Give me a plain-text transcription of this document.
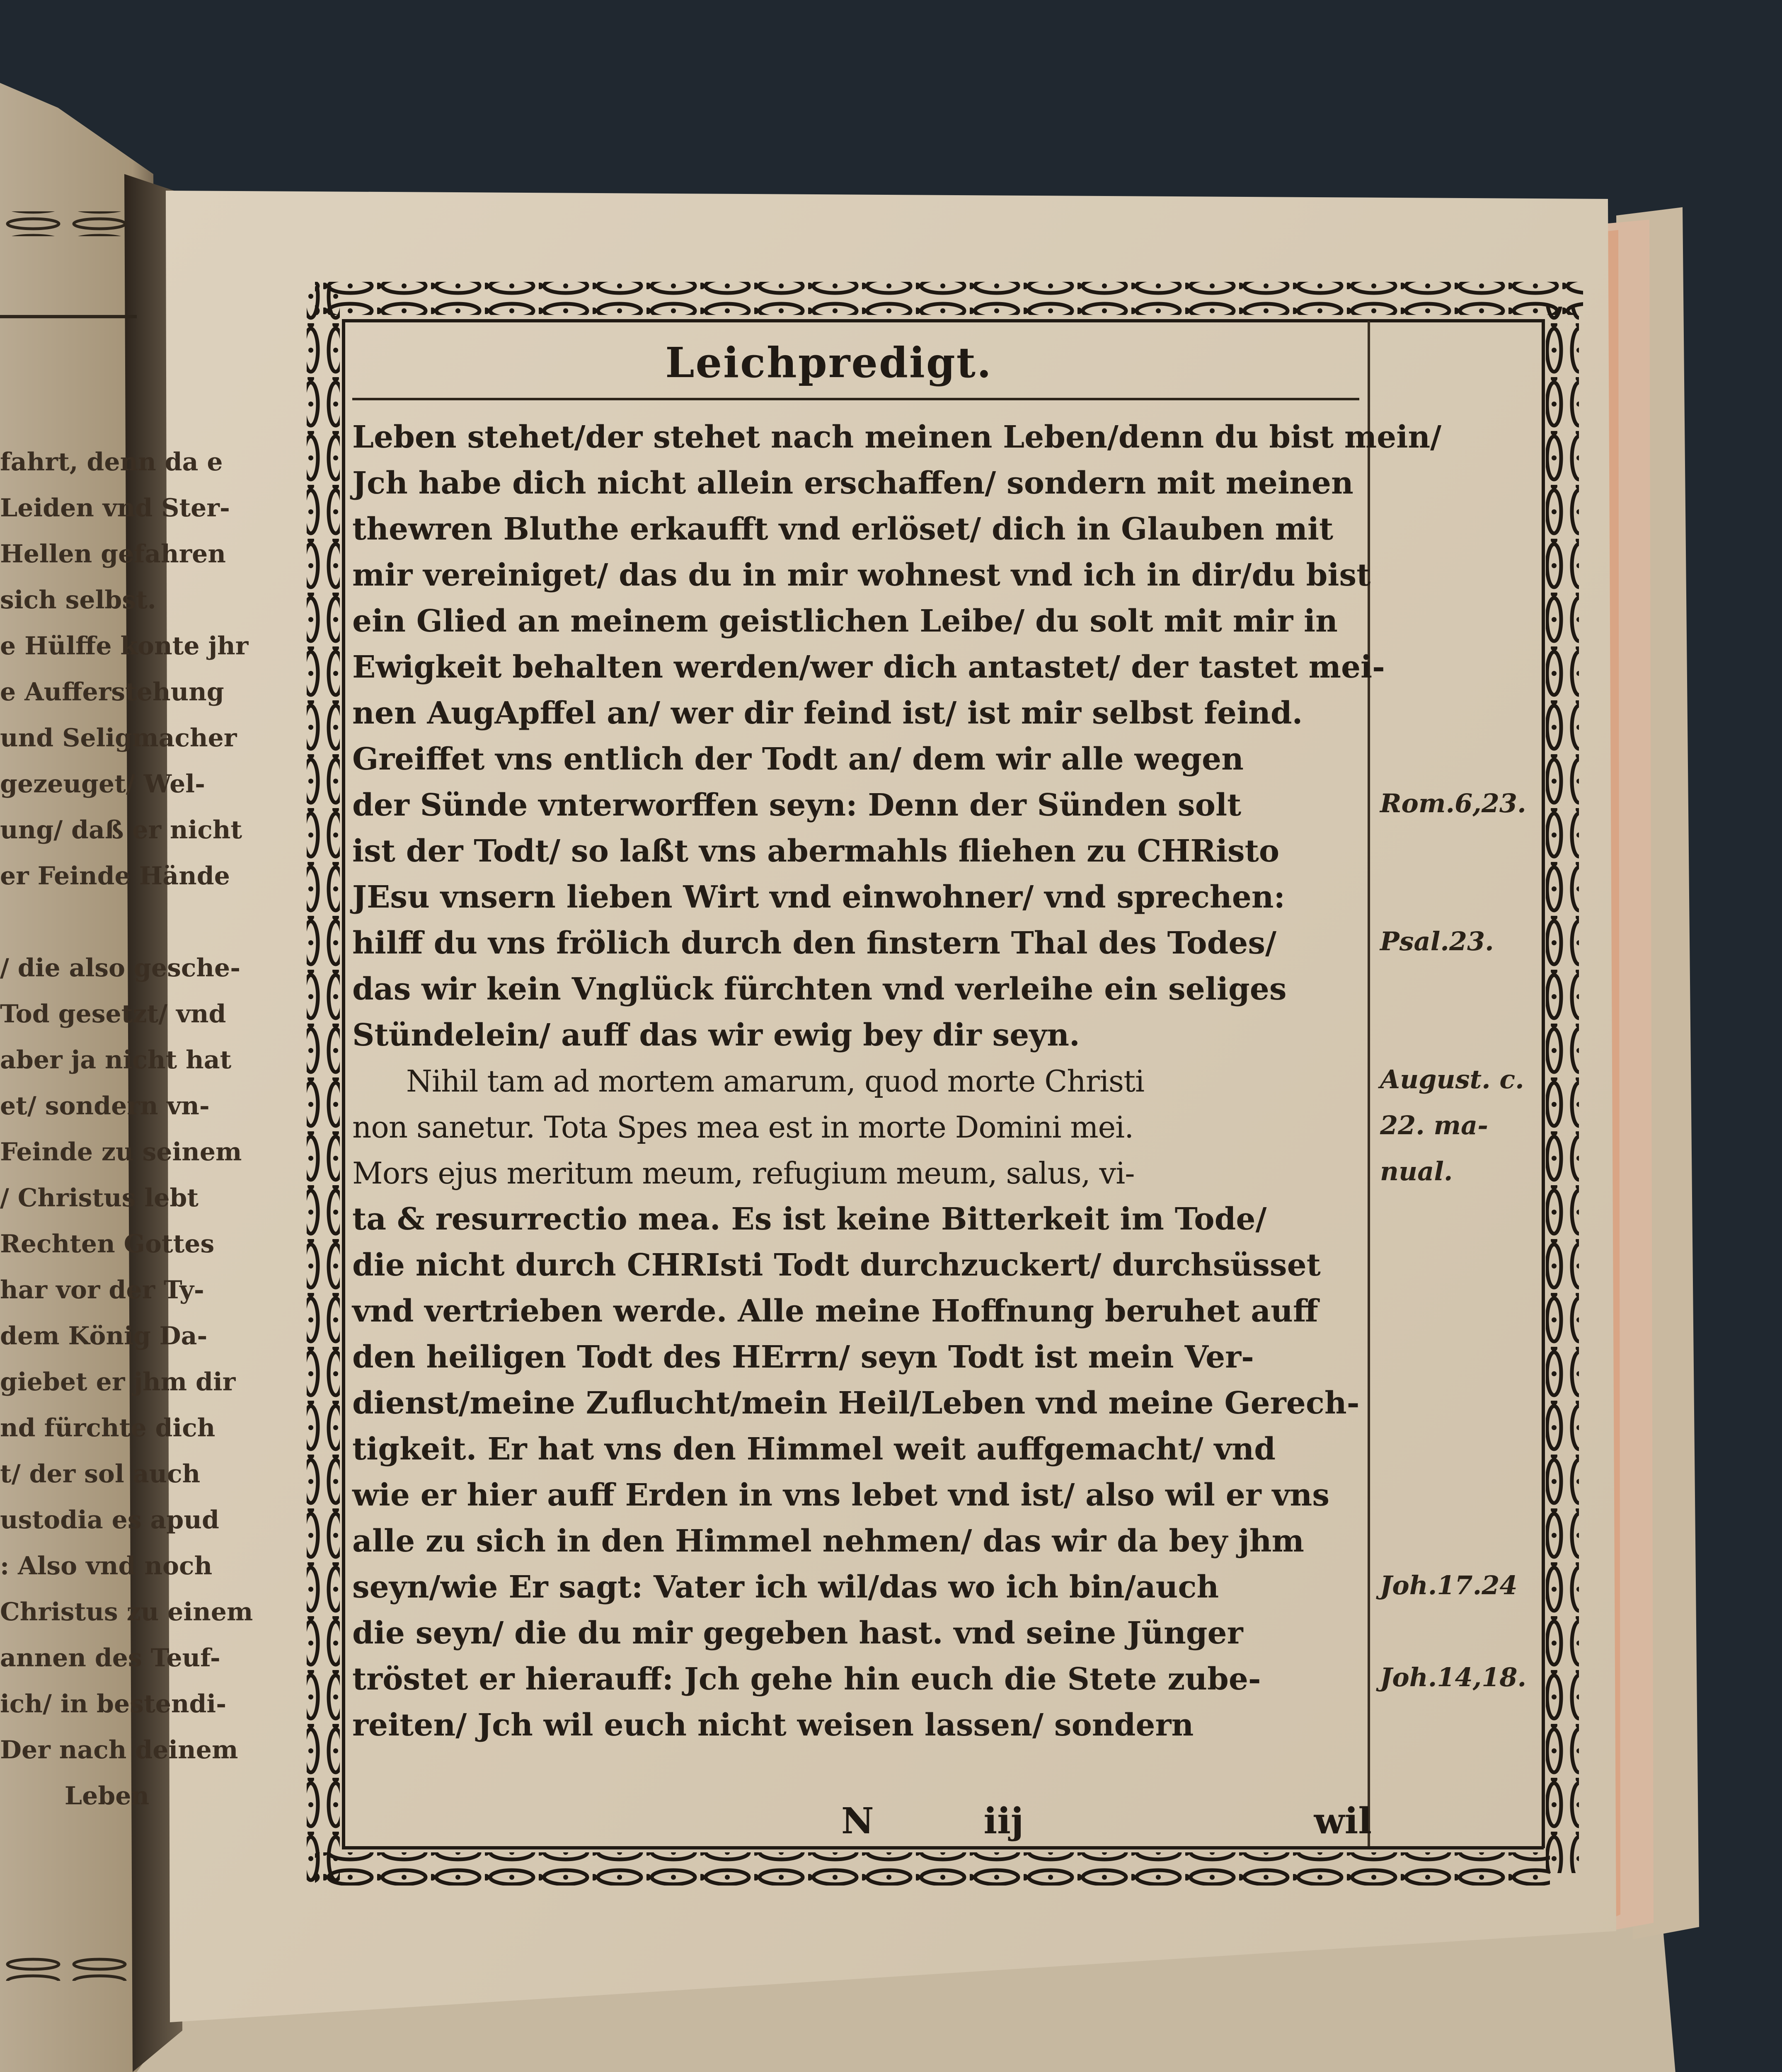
fahrt, denn da e
Leiden vnd Ster-
Hellen gefahren
sich selbst.
e Hülffe konte jhr
e Aufferstehung
und Seligmacher
gezeuget/ Wel-
ung/ daß er nicht
er Feinde Hände
/ die also gesche-
Tod gesetzt/ vnd
aber ja nicht hat
et/ sondern vn-
Feinde zu seinem
/ Christus lebt
Rechten Gottes
har vor der Ty-
dem König Da-
giebet er jhm dir
nd fürchte dich
t/ der sol auch
ustodia es apud
: Also vnd noch
Christus zu einem
annen des Teuf-
ich/ in bestendi-
Der nach deinem
Leben
Leichpredigt.
Leben stehet/der stehet nach meinen Leben/denn du bist mein/
Jch habe dich nicht allein erschaffen/ sondern mit meinen
thewren Bluthe erkaufft vnd erlöset/ dich in Glauben mit
mir vereiniget/ das du in mir wohnest vnd ich in dir/du bist
ein Glied an meinem geistlichen Leibe/ du solt mit mir in
Ewigkeit behalten werden/wer dich antastet/ der tastet mei-
nen AugApffel an/ wer dir feind ist/ ist mir selbst feind.
Greiffet vns entlich der Todt an/ dem wir alle wegen
der Sünde vnterworffen seyn: Denn der Sünden solt
ist der Todt/ so laßt vns abermahls fliehen zu CHRisto
JEsu vnsern lieben Wirt vnd einwohner/ vnd sprechen:
hilff du vns frölich durch den finstern Thal des Todes/
das wir kein Vnglück fürchten vnd verleihe ein seliges
Stündelein/ auff das wir ewig bey dir seyn.
Nihil tam ad mortem amarum, quod morte Christi
non sanetur. Tota Spes mea est in morte Domini mei.
Mors ejus meritum meum, refugium meum, salus, vi-
ta & resurrectio mea. Es ist keine Bitterkeit im Tode/
die nicht durch CHRIsti Todt durchzuckert/ durchsüsset
vnd vertrieben werde. Alle meine Hoffnung beruhet auff
den heiligen Todt des HErrn/ seyn Todt ist mein Ver-
dienst/meine Zuflucht/mein Heil/Leben vnd meine Gerech-
tigkeit. Er hat vns den Himmel weit auffgemacht/ vnd
wie er hier auff Erden in vns lebet vnd ist/ also wil er vns
alle zu sich in den Himmel nehmen/ das wir da bey jhm
seyn/wie Er sagt: Vater ich wil/das wo ich bin/auch
die seyn/ die du mir gegeben hast. vnd seine Jünger
tröstet er hierauff: Jch gehe hin euch die Stete zube-
reiten/ Jch wil euch nicht weisen lassen/ sondern
Rom.6,23.
Psal.23.
August. c.
22. ma-
nual.
Joh.17.24
Joh.14,18.
N	iij	wil
